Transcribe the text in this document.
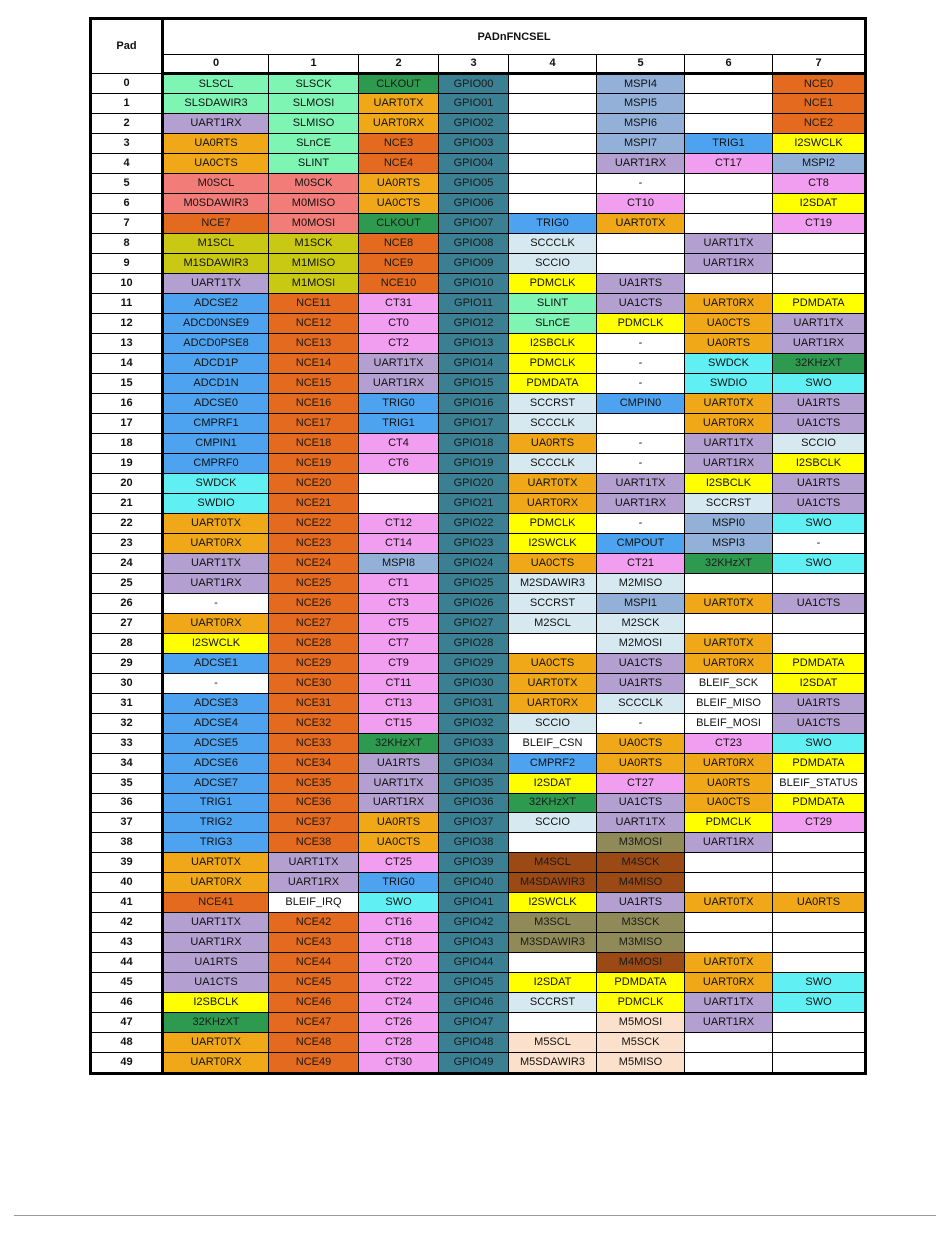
Pad	PADnFNCSEL							
	0	1	2	3	4	5	6	7
0	SLSCL	SLSCK	CLKOUT	GPIO00		MSPI4		NCE0
1	SLSDAWIR3	SLMOSI	UART0TX	GPIO01		MSPI5		NCE1
2	UART1RX	SLMISO	UART0RX	GPIO02		MSPI6		NCE2
3	UA0RTS	SLnCE	NCE3	GPIO03		MSPI7	TRIG1	I2SWCLK
4	UA0CTS	SLINT	NCE4	GPIO04		UART1RX	CT17	MSPI2
5	M0SCL	M0SCK	UA0RTS	GPIO05		-		CT8
6	M0SDAWIR3	M0MISO	UA0CTS	GPIO06		CT10		I2SDAT
7	NCE7	M0MOSI	CLKOUT	GPIO07	TRIG0	UART0TX		CT19
8	M1SCL	M1SCK	NCE8	GPIO08	SCCCLK		UART1TX	
9	M1SDAWIR3	M1MISO	NCE9	GPIO09	SCCIO		UART1RX	
10	UART1TX	M1MOSI	NCE10	GPIO10	PDMCLK	UA1RTS		
11	ADCSE2	NCE11	CT31	GPIO11	SLINT	UA1CTS	UART0RX	PDMDATA
12	ADCD0NSE9	NCE12	CT0	GPIO12	SLnCE	PDMCLK	UA0CTS	UART1TX
13	ADCD0PSE8	NCE13	CT2	GPIO13	I2SBCLK	-	UA0RTS	UART1RX
14	ADCD1P	NCE14	UART1TX	GPIO14	PDMCLK	-	SWDCK	32KHzXT
15	ADCD1N	NCE15	UART1RX	GPIO15	PDMDATA	-	SWDIO	SWO
16	ADCSE0	NCE16	TRIG0	GPIO16	SCCRST	CMPIN0	UART0TX	UA1RTS
17	CMPRF1	NCE17	TRIG1	GPIO17	SCCCLK		UART0RX	UA1CTS
18	CMPIN1	NCE18	CT4	GPIO18	UA0RTS	-	UART1TX	SCCIO
19	CMPRF0	NCE19	CT6	GPIO19	SCCCLK	-	UART1RX	I2SBCLK
20	SWDCK	NCE20		GPIO20	UART0TX	UART1TX	I2SBCLK	UA1RTS
21	SWDIO	NCE21		GPIO21	UART0RX	UART1RX	SCCRST	UA1CTS
22	UART0TX	NCE22	CT12	GPIO22	PDMCLK	-	MSPI0	SWO
23	UART0RX	NCE23	CT14	GPIO23	I2SWCLK	CMPOUT	MSPI3	-
24	UART1TX	NCE24	MSPI8	GPIO24	UA0CTS	CT21	32KHzXT	SWO
25	UART1RX	NCE25	CT1	GPIO25	M2SDAWIR3	M2MISO		
26	-	NCE26	CT3	GPIO26	SCCRST	MSPI1	UART0TX	UA1CTS
27	UART0RX	NCE27	CT5	GPIO27	M2SCL	M2SCK		
28	I2SWCLK	NCE28	CT7	GPIO28		M2MOSI	UART0TX	
29	ADCSE1	NCE29	CT9	GPIO29	UA0CTS	UA1CTS	UART0RX	PDMDATA
30	-	NCE30	CT11	GPIO30	UART0TX	UA1RTS	BLEIF_SCK	I2SDAT
31	ADCSE3	NCE31	CT13	GPIO31	UART0RX	SCCCLK	BLEIF_MISO	UA1RTS
32	ADCSE4	NCE32	CT15	GPIO32	SCCIO	-	BLEIF_MOSI	UA1CTS
33	ADCSE5	NCE33	32KHzXT	GPIO33	BLEIF_CSN	UA0CTS	CT23	SWO
34	ADCSE6	NCE34	UA1RTS	GPIO34	CMPRF2	UA0RTS	UART0RX	PDMDATA
35	ADCSE7	NCE35	UART1TX	GPIO35	I2SDAT	CT27	UA0RTS	BLEIF_STATUS
36	TRIG1	NCE36	UART1RX	GPIO36	32KHzXT	UA1CTS	UA0CTS	PDMDATA
37	TRIG2	NCE37	UA0RTS	GPIO37	SCCIO	UART1TX	PDMCLK	CT29
38	TRIG3	NCE38	UA0CTS	GPIO38		M3MOSI	UART1RX	
39	UART0TX	UART1TX	CT25	GPIO39	M4SCL	M4SCK		
40	UART0RX	UART1RX	TRIG0	GPIO40	M4SDAWIR3	M4MISO		
41	NCE41	BLEIF_IRQ	SWO	GPIO41	I2SWCLK	UA1RTS	UART0TX	UA0RTS
42	UART1TX	NCE42	CT16	GPIO42	M3SCL	M3SCK		
43	UART1RX	NCE43	CT18	GPIO43	M3SDAWIR3	M3MISO		
44	UA1RTS	NCE44	CT20	GPIO44		M4MOSI	UART0TX	
45	UA1CTS	NCE45	CT22	GPIO45	I2SDAT	PDMDATA	UART0RX	SWO
46	I2SBCLK	NCE46	CT24	GPIO46	SCCRST	PDMCLK	UART1TX	SWO
47	32KHzXT	NCE47	CT26	GPIO47		M5MOSI	UART1RX	
48	UART0TX	NCE48	CT28	GPIO48	M5SCL	M5SCK		
49	UART0RX	NCE49	CT30	GPIO49	M5SDAWIR3	M5MISO		
